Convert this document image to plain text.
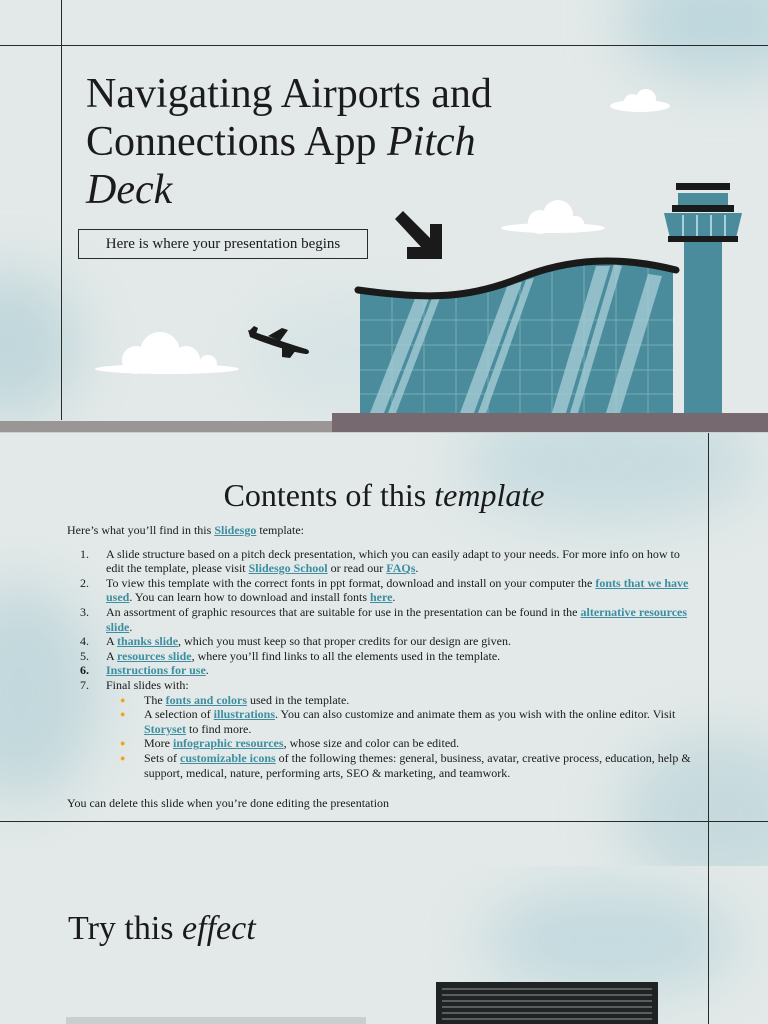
Navigating Airports and Connections App Pitch
Deck
Here is where your presentation begins
Contents of this template

Here’s what you’ll find in this Slidesgo template:

1. A slide structure based on a pitch deck presentation, which you can easily adapt to your needs. For more info on how to edit the template, please visit Slidesgo School or read our FAQs.
2. To view this template with the correct fonts in ppt format, download and install on your computer the fonts that we have used. You can learn how to download and install fonts here.
3. An assortment of graphic resources that are suitable for use in the presentation can be found in the alternative resources slide.
4. A thanks slide, which you must keep so that proper credits for our design are given.
5. A resources slide, where you’ll find links to all the elements used in the template.
6. Instructions for use.
7. Final slides with:
● The fonts and colors used in the template.
● A selection of illustrations. You can also customize and animate them as you wish with the online editor. Visit Storyset to find more.
● More infographic resources, whose size and color can be edited.
● Sets of customizable icons of the following themes: general, business, avatar, creative process, education, help & support, medical, nature, performing arts, SEO & marketing, and teamwork.

You can delete this slide when you’re done editing the presentation

Try this effect
